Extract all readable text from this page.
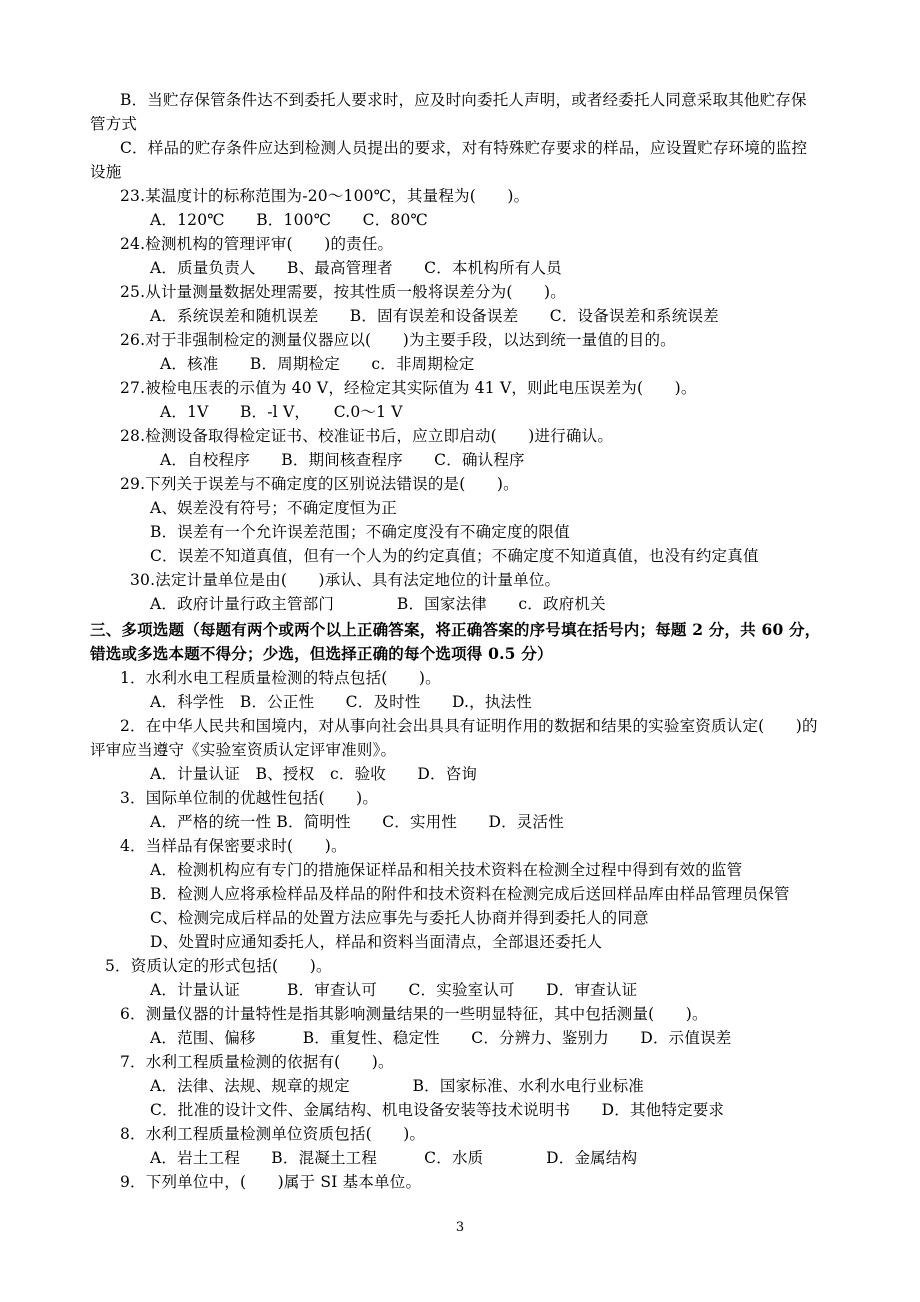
B．当贮存保管条件达不到委托人要求时，应及时向委托人声明，或者经委托人同意采取其他贮存保
管方式
C．样品的贮存条件应达到检测人员提出的要求，对有特殊贮存要求的样品，应设置贮存环境的监控
设施
23.某温度计的标称范围为-20～100℃，其量程为(　　)。
A．120℃　　B．100℃　　C．80℃
24.检测机构的管理评审(　　)的责任。
A．质量负责人　　B、最高管理者　　C．本机构所有人员
25.从计量测量数据处理需要，按其性质一般将误差分为(　　)。
A．系统误差和随机误差　　B．固有误差和设备误差　　C．设备误差和系统误差
26.对于非强制检定的测量仪器应以(　　)为主要手段，以达到统一量值的目的。
A．核准　　B．周期检定　　c．非周期检定
27.被检电压表的示值为 40 V，经检定其实际值为 41 V，则此电压误差为(　　)。
A．1V　　B．-l V，　　C.0～1 V
28.检测设备取得检定证书、校准证书后，应立即启动(　　)进行确认。
A．自校程序　　B．期间核查程序　　C．确认程序
29.下列关于误差与不确定度的区别说法错误的是(　　)。
A、娱差没有符号；不确定度恒为正
B．误差有一个允许误差范围；不确定度没有不确定度的限值
C．误差不知道真值，但有一个人为的约定真值；不确定度不知道真值，也没有约定真值
30.法定计量单位是由(　　)承认、具有法定地位的计量单位。
A．政府计量行政主管部门　　　　B．国家法律　　c．政府机关
三、多项选题（每题有两个或两个以上正确答案，将正确答案的序号填在括号内；每题 2 分，共 60 分，
错选或多选本题不得分；少选，但选择正确的每个选项得 0.5 分）
1．水利水电工程质量检测的特点包括(　　)。
A．科学性　B．公正性　　C．及时性　　D.，执法性
2．在中华人民共和国境内，对从事向社会出具具有证明作用的数据和结果的实验室资质认定(　　)的
评审应当遵守《实验室资质认定评审准则》。
A．计量认证　B、授权　c．验收　　D．咨询
3．国际单位制的优越性包括(　　)。
A．严格的统一性 B．简明性　　C．实用性　　D．灵活性
4．当样品有保密要求时(　　)。
A．检测机构应有专门的措施保证样品和相关技术资料在检测全过程中得到有效的监管
B．检测人应将承检样品及样品的附件和技术资料在检测完成后送回样品库由样品管理员保管
C、检测完成后样品的处置方法应事先与委托人协商并得到委托人的同意
D、处置时应通知委托人，样品和资料当面清点，全部退还委托人
5．资质认定的形式包括(　　)。
A．计量认证　　　B．审查认可　　C．实验室认可　　D．审查认证
6．测量仪器的计量特性是指其影响测量结果的一些明显特征，其中包括测量(　　)。
A．范围、偏移　　　B．重复性、稳定性　　C．分辨力、鉴别力　　D．示值误差
7．水利工程质量检测的依据有(　　)。
A．法律、法规、规章的规定　　　　B．国家标准、水利水电行业标准
C．批准的设计文件、金属结构、机电设备安装等技术说明书　　D．其他特定要求
8．水利工程质量检测单位资质包括(　　)。
A．岩土工程　　B．混凝土工程　　　C．水质　　　　D．金属结构
9．下列单位中，(　　)属于 SI 基本单位。
3
